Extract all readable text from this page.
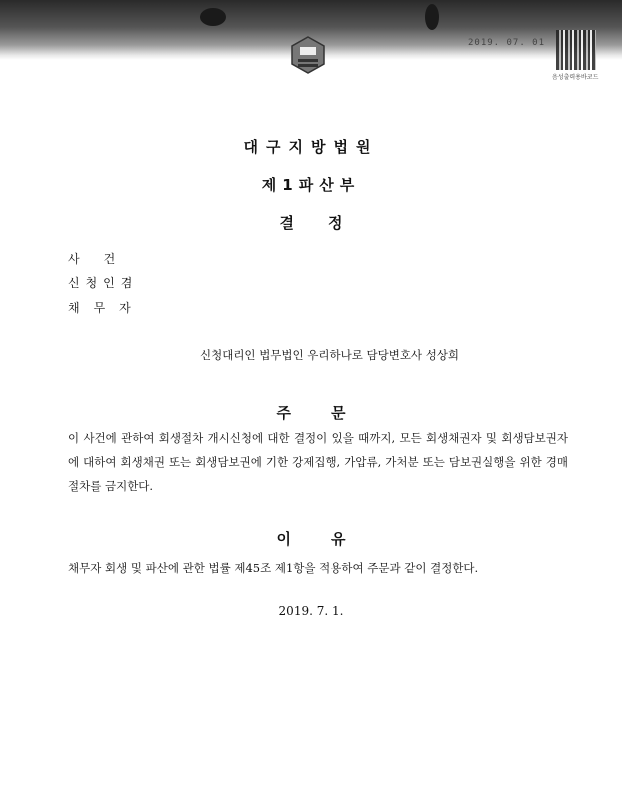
2019. 07. 01
음성출력용바코드
대구지방법원
제1파산부
결정
사건
신청인겸
채무자
신청대리인 법무법인 우리하나로 담당변호사 성상희
주문
이 사건에 관하여 회생절차 개시신청에 대한 결정이 있을 때까지, 모든 회생채권자 및 회생담보권자에 대하여 회생채권 또는 회생담보권에 기한 강제집행, 가압류, 가처분 또는 담보권실행을 위한 경매절차를 금지한다.
이유
채무자 회생 및 파산에 관한 법률 제45조 제1항을 적용하여 주문과 같이 결정한다.
2019. 7. 1.
